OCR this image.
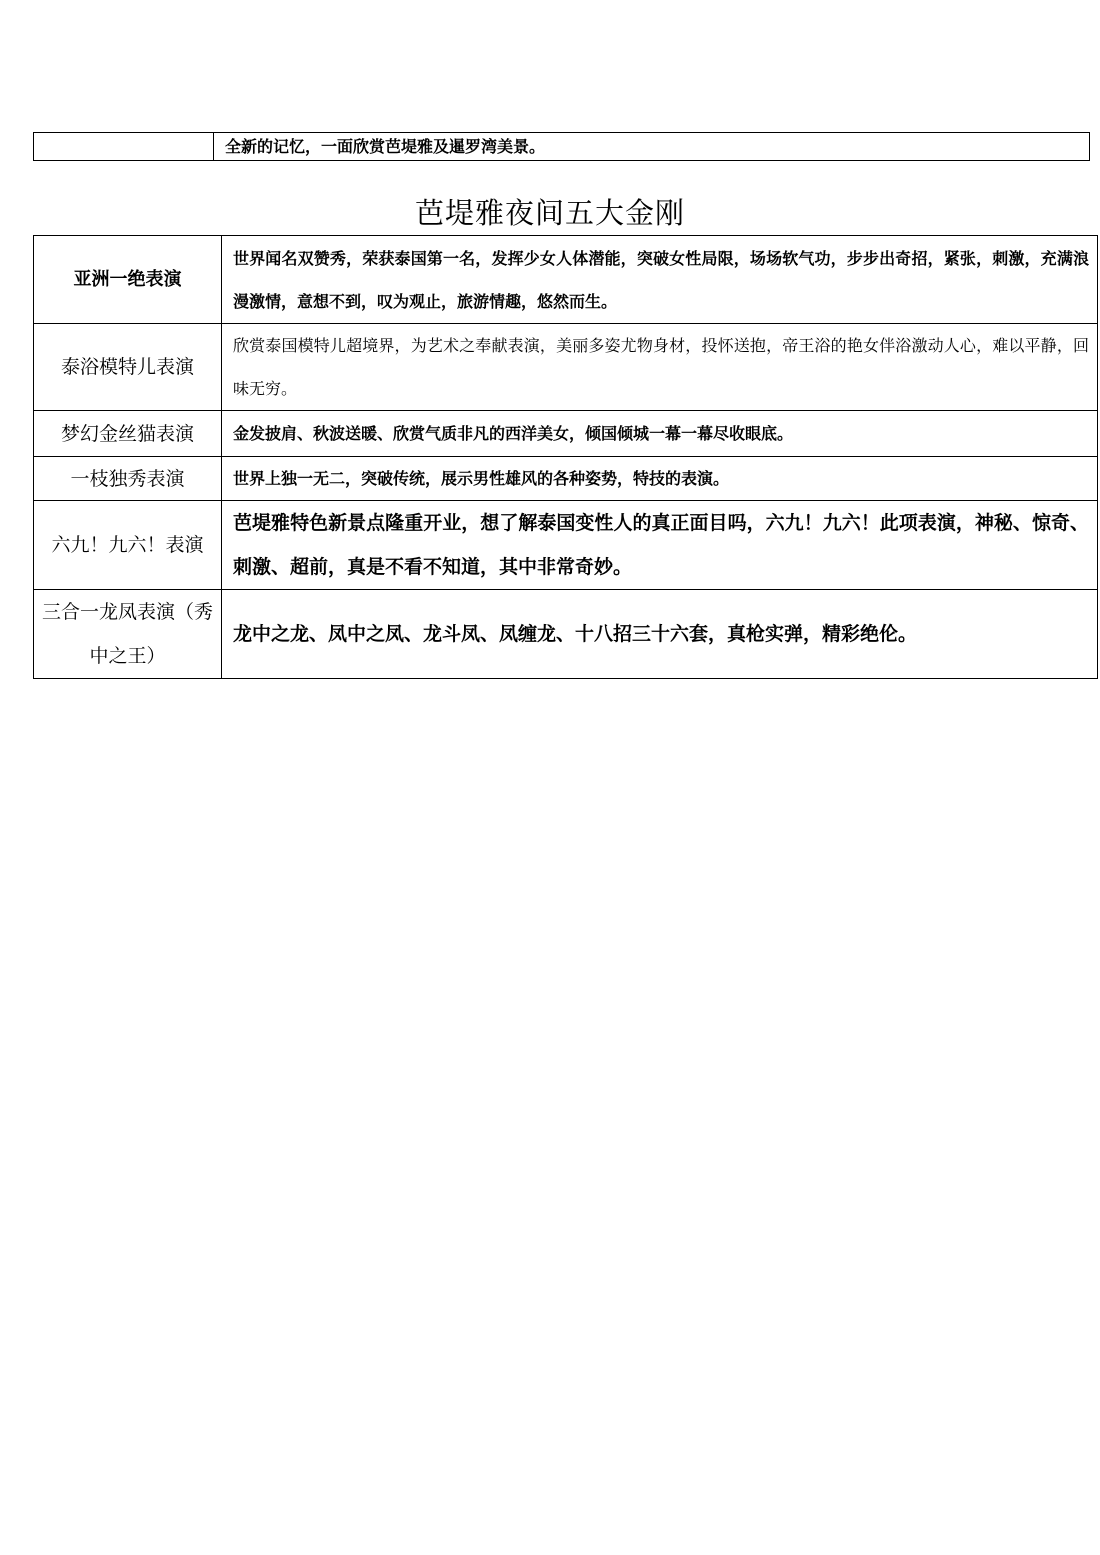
	全新的记忆，一面欣赏芭堤雅及暹罗湾美景。
芭堤雅夜间五大金刚
亚洲一绝表演	世界闻名双赞秀，荣获泰国第一名，发挥少女人体潜能，突破女性局限，场场软气功，步步出奇招，紧张，刺激，充满浪漫激情，意想不到，叹为观止，旅游情趣，悠然而生。
泰浴模特儿表演	欣赏泰国模特儿超境界，为艺术之奉献表演，美丽多姿尤物身材，投怀送抱，帝王浴的艳女伴浴激动人心，难以平静，回味无穷。
梦幻金丝猫表演	金发披肩、秋波送暖、欣赏气质非凡的西洋美女，倾国倾城一幕一幕尽收眼底。
一枝独秀表演	世界上独一无二，突破传统，展示男性雄风的各种姿势，特技的表演。
六九！九六！表演	芭堤雅特色新景点隆重开业，想了解泰国变性人的真正面目吗，六九！九六！此项表演，神秘、惊奇、刺激、超前，真是不看不知道，其中非常奇妙。
三合一龙凤表演（秀中之王）	龙中之龙、凤中之凤、龙斗凤、凤缠龙、十八招三十六套，真枪实弹，精彩绝伦。
